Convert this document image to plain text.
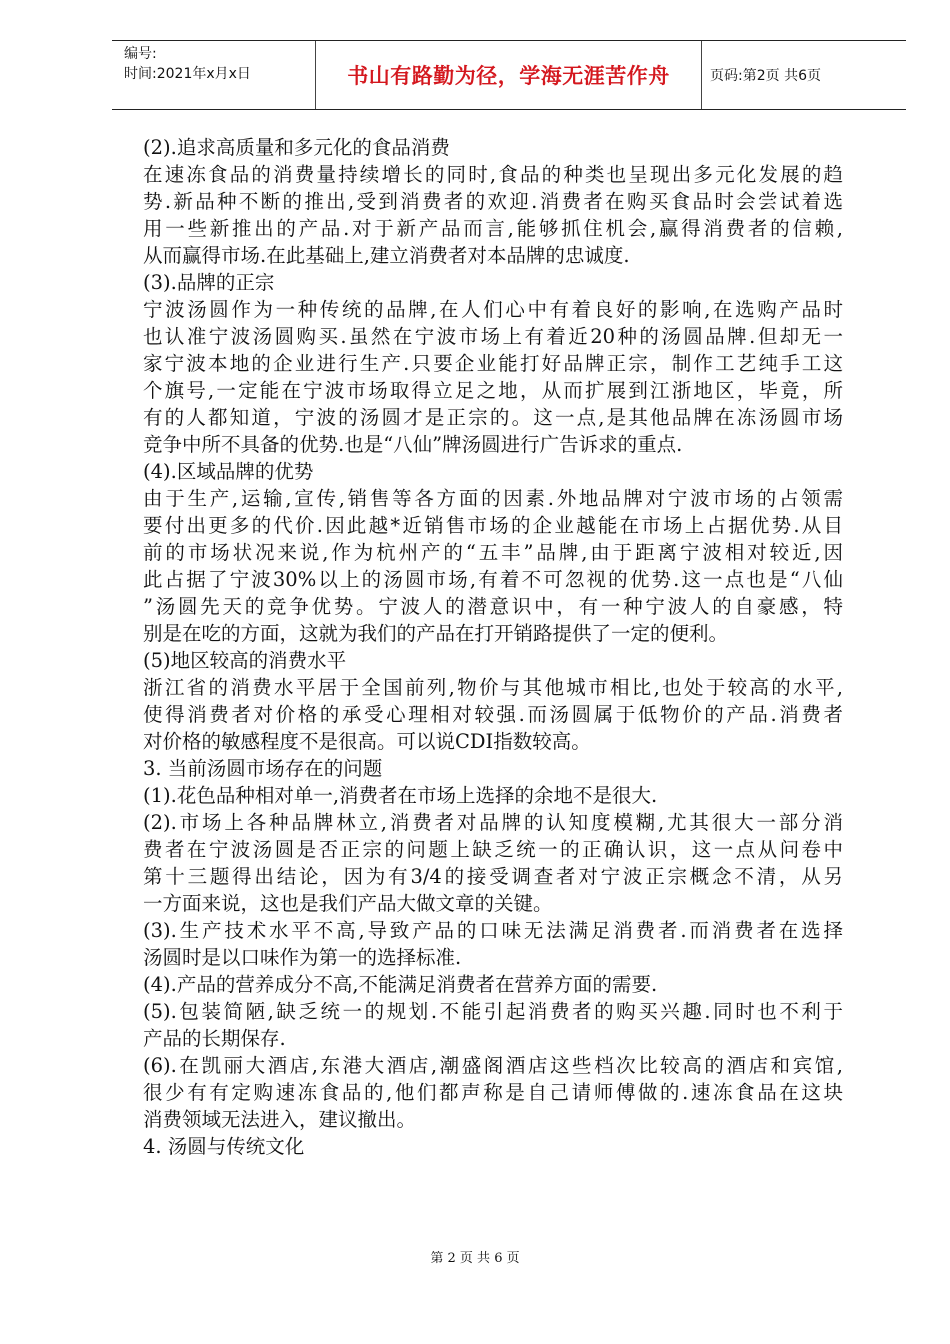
编号:
时间:2021年x月x日	书山有路勤为径，学海无涯苦作舟	页码:第2页 共6页
(2).追求高质量和多元化的食品消费
在速冻食品的消费量持续增长的同时,食品的种类也呈现出多元化发展的趋
势.新品种不断的推出,受到消费者的欢迎.消费者在购买食品时会尝试着选
用一些新推出的产品.对于新产品而言,能够抓住机会,赢得消费者的信赖,
从而赢得市场.在此基础上,建立消费者对本品牌的忠诚度.
(3).品牌的正宗
宁波汤圆作为一种传统的品牌,在人们心中有着良好的影响,在选购产品时
也认准宁波汤圆购买.虽然在宁波市场上有着近20种的汤圆品牌.但却无一
家宁波本地的企业进行生产.只要企业能打好品牌正宗，制作工艺纯手工这
个旗号,一定能在宁波市场取得立足之地，从而扩展到江浙地区，毕竟，所
有的人都知道，宁波的汤圆才是正宗的。这一点,是其他品牌在冻汤圆市场
竞争中所不具备的优势.也是“八仙”牌汤圆进行广告诉求的重点.
(4).区域品牌的优势
由于生产,运输,宣传,销售等各方面的因素.外地品牌对宁波市场的占领需
要付出更多的代价.因此越*近销售市场的企业越能在市场上占据优势.从目
前的市场状况来说,作为杭州产的“五丰”品牌,由于距离宁波相对较近,因
此占据了宁波30%以上的汤圆市场,有着不可忽视的优势.这一点也是“八仙
”汤圆先天的竞争优势。宁波人的潜意识中，有一种宁波人的自豪感，特
别是在吃的方面，这就为我们的产品在打开销路提供了一定的便利。
(5)地区较高的消费水平
浙江省的消费水平居于全国前列,物价与其他城市相比,也处于较高的水平,
使得消费者对价格的承受心理相对较强.而汤圆属于低物价的产品.消费者
对价格的敏感程度不是很高。可以说CDI指数较高。
3. 当前汤圆市场存在的问题
(1).花色品种相对单一,消费者在市场上选择的余地不是很大.
(2).市场上各种品牌林立,消费者对品牌的认知度模糊,尤其很大一部分消
费者在宁波汤圆是否正宗的问题上缺乏统一的正确认识，这一点从问卷中
第十三题得出结论，因为有3/4的接受调查者对宁波正宗概念不清，从另
一方面来说，这也是我们产品大做文章的关键。
(3).生产技术水平不高,导致产品的口味无法满足消费者.而消费者在选择
汤圆时是以口味作为第一的选择标准.
(4).产品的营养成分不高,不能满足消费者在营养方面的需要.
(5).包装简陋,缺乏统一的规划.不能引起消费者的购买兴趣.同时也不利于
产品的长期保存.
(6).在凯丽大酒店,东港大酒店,潮盛阁酒店这些档次比较高的酒店和宾馆,
很少有有定购速冻食品的,他们都声称是自己请师傅做的.速冻食品在这块
消费领域无法进入，建议撤出。
4. 汤圆与传统文化
第 2 页 共 6 页
